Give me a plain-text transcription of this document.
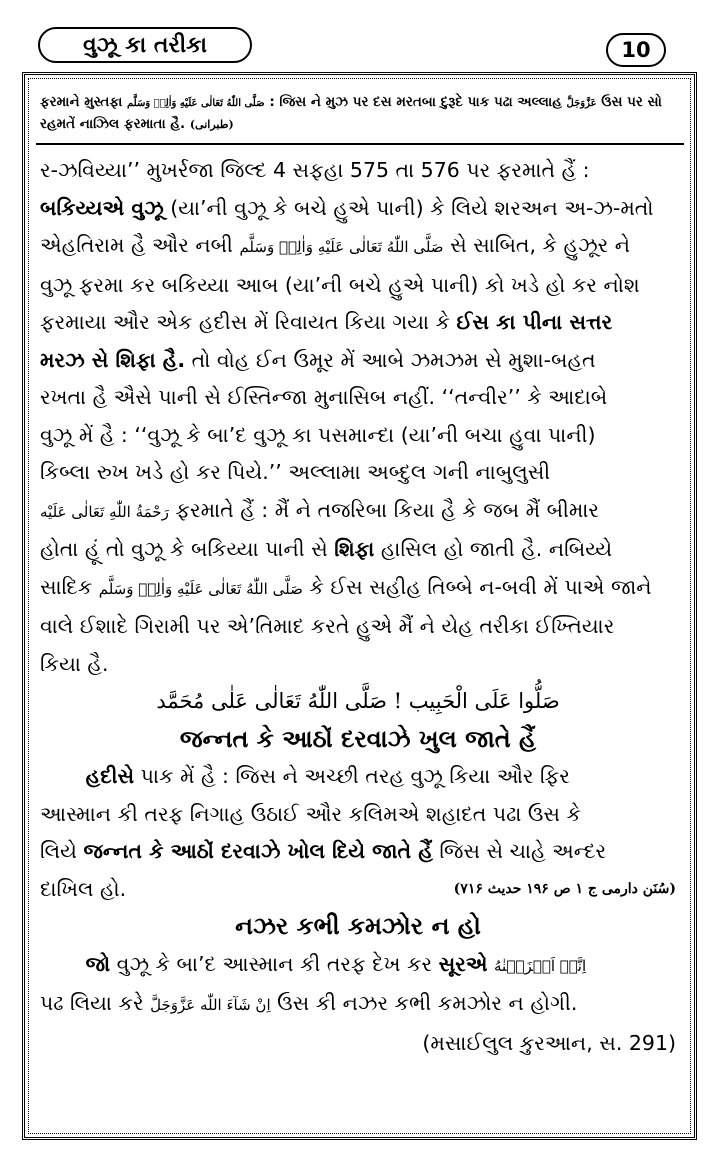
વુઝૂ કા તરીકા	10
ફરમાને મુસ્તફા صَلَّى اللّٰهُ تَعَالٰى عَلَيْهِ وَاٰلِهٖ وَسَلَّم : જિસ ને મુઝ પર દસ મરતબા દુરૂદે પાક પઢા અલ્લાહ عَزَّوَجَلَّ ઉસ પર સો
રહમતેં નાઝિલ ફરમાતા હૈ. (طبرانی)

ર-ઝવિય્યા’’ મુખર્રજા જિલ્દ 4 સફહા 575 તા 576 પર ફરમાતે હૈં :

બકિય્યએ વુઝૂ (યા’ની વુઝૂ કે બચે હુએ પાની) કે લિયે શરઅન અ-ઝ-મતો

એહતિરામ હૈ ઔર નબી صَلَّى اللّٰهُ تَعَالٰى عَلَيْهِ وَاٰلِهٖ وَسَلَّم સે સાબિત, કે હુઝૂર ને

વુઝૂ ફરમા કર બકિય્યા આબ (યા’ની બચે હુએ પાની) કો ખડે હો કર નોશ

ફરમાયા ઔર એક હદીસ મેં રિવાયત કિયા ગયા કે ઈસ કા પીના સત્તર

મરઝ સે શિફા હૈ. તો વોહ ઈન ઉમૂર મેં આબે ઝમઝમ સે મુશા-બહત

રખતા હૈ ઐસે પાની સે ઈસ્તિન્જા મુનાસિબ નહીં. ‘‘તન્વીર’’ કે આદાબે

વુઝૂ મેં હૈ : ‘‘વુઝૂ કે બા’દ વુઝૂ કા પસમાન્દા (યા’ની બચા હુવા પાની)

કિબ્લા રુખ ખડે હો કર પિયે.’’ અલ્લામા અબ્દુલ ગની નાબુલુસી

رَحْمَةُ اللّٰهِ تَعَالٰى عَلَيْه ફરમાતે હૈં : મૈં ને તજરિબા કિયા હૈ કે જબ મૈં બીમાર

હોતા હૂં તો વુઝૂ કે બકિય્યા પાની સે શિફા હાસિલ હો જાતી હૈ. નબિય્યે

સાદિક صَلَّى اللّٰهُ تَعَالٰى عَلَيْهِ وَاٰلِهٖ وَسَلَّم કે ઈસ સહીહ તિબ્બે ન-બવી મેં પાએ જાને

વાલે ઈશાદે ગિરામી પર એ’તિમાદ કરતે હુએ મૈં ને યેહ તરીકા ઈખ્તિયાર

કિયા હૈ.

صَلُّوا عَلَى الْحَبِيب ! صَلَّى اللّٰهُ تَعَالٰى عَلٰى مُحَمَّد

જન્નત કે આઠોં દરવાઝે ખુલ જાતે હૈં

હદીસે પાક મેં હૈ : જિસ ને અચ્છી તરહ વુઝૂ કિયા ઔર ફિર

આસ્માન કી તરફ નિગાહ ઉઠાઈ ઔર કલિમએ શહાદત પઢા ઉસ કે

લિયે જન્નત કે આઠોં દરવાઝે ખોલ દિયે જાતે હૈં જિસ સે ચાહે અન્દર

દાખિલ હો.	(سُنَن دارمی ج ۱ ص ۱۹۶ حدیث ۷۱۶)

નઝર કભી કમઝોર ન હો

જો વુઝૂ કે બા’દ આસ્માન કી તરફ દેખ કર સૂરએ اِنَّاۤ اَنۡزَلۡنٰهُ

પઢ લિયા કરે اِنْ شَآءَ اللّٰه عَزَّوَجَلَّ ઉસ કી નઝર કભી કમઝોર ન હોગી.

(મસાઈલુલ કુરઆન, સ. 291)
